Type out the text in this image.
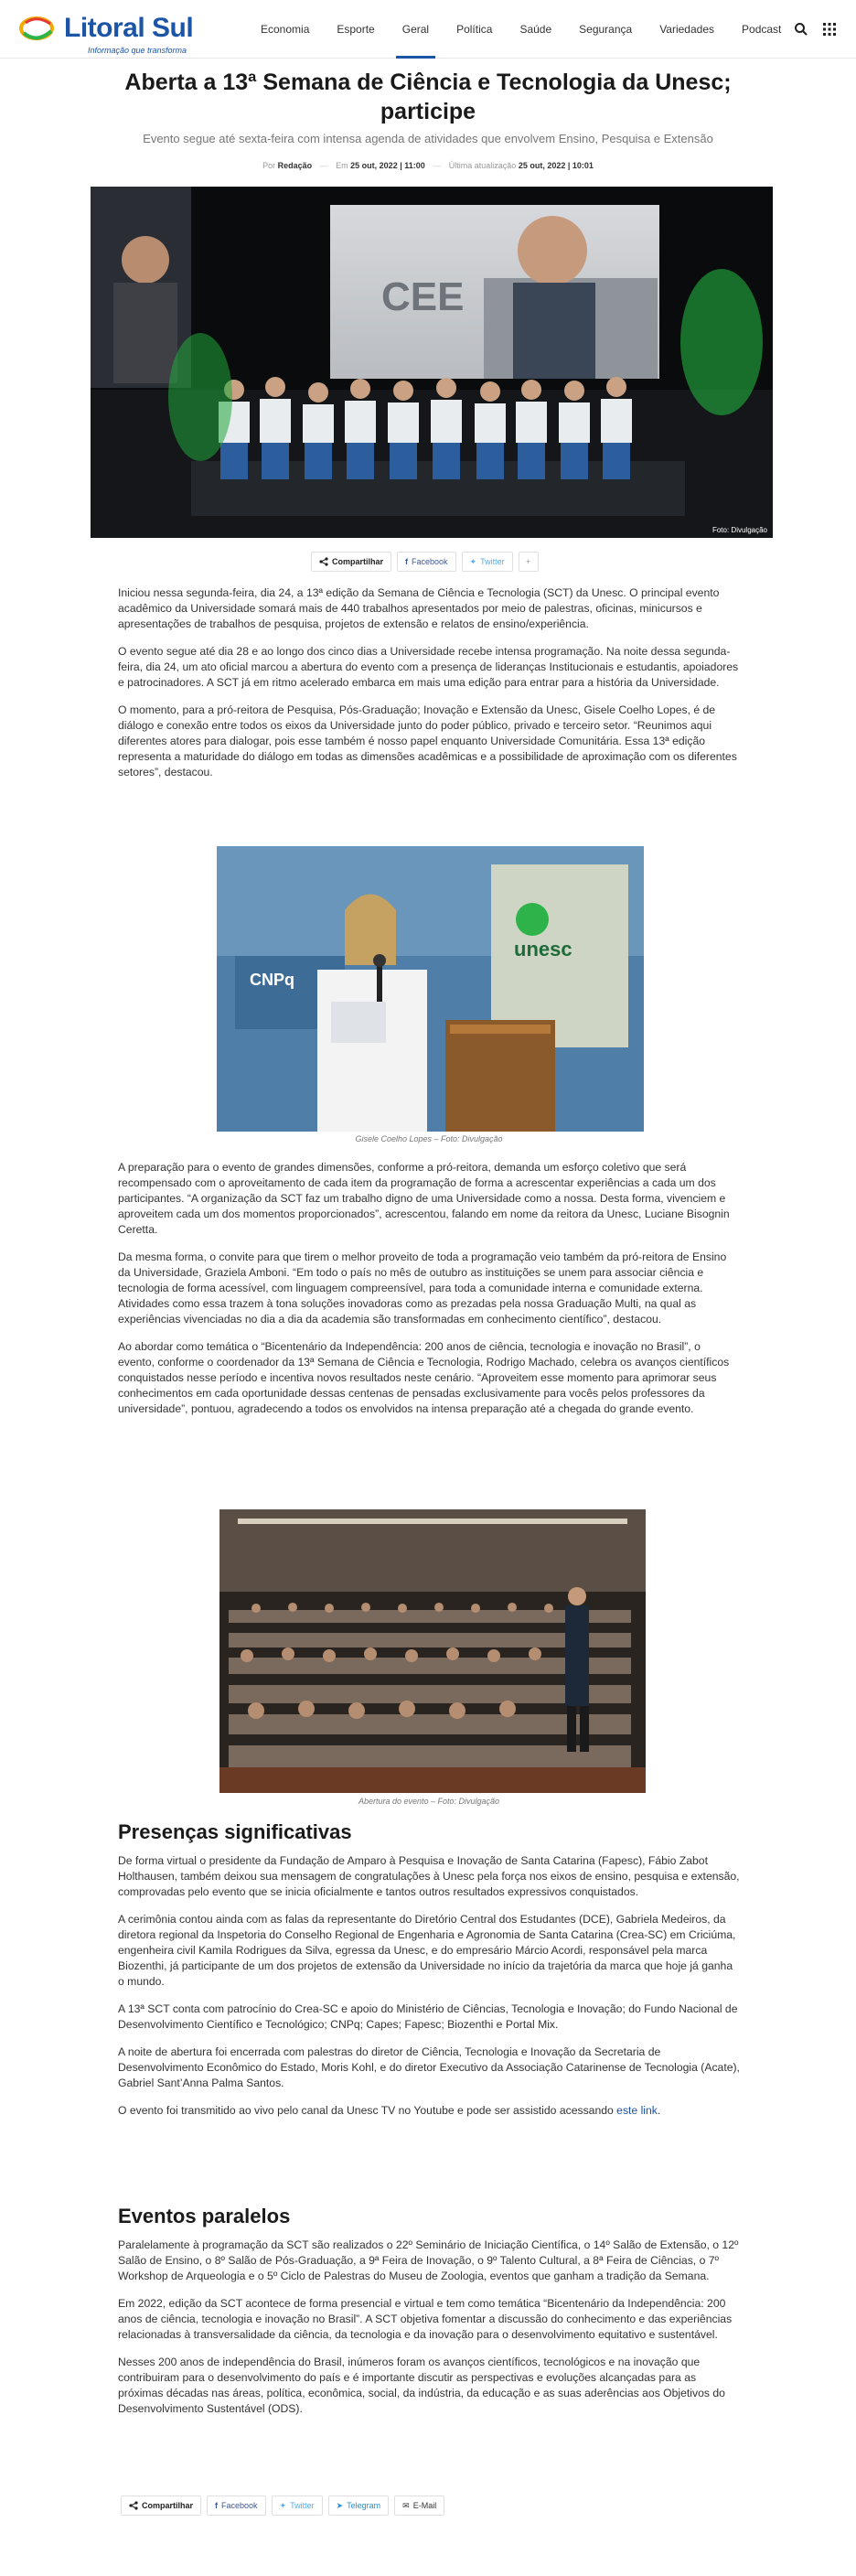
Litoral Sul
Informação que transforma
Economia	Esporte	Geral	Política	Saúde	Segurança	Variedades	Podcast
Aberta a 13ª Semana de Ciência e Tecnologia da Unesc; participe

Evento segue até sexta-feira com intensa agenda de atividades que envolvem Ensino, Pesquisa e Extensão

Por Redação — Em 25 out, 2022 | 11:00 — Última atualização 25 out, 2022 | 10:01
CEE
Foto: Divulgação
Compartilhar	f Facebook	✦ Twitter	+

Iniciou nessa segunda-feira, dia 24, a 13ª edição da Semana de Ciência e Tecnologia (SCT) da Unesc. O principal evento acadêmico da Universidade somará mais de 440 trabalhos apresentados por meio de palestras, oficinas, minicursos e apresentações de trabalhos de pesquisa, projetos de extensão e relatos de ensino/experiência.

O evento segue até dia 28 e ao longo dos cinco dias a Universidade recebe intensa programação. Na noite dessa segunda-feira, dia 24, um ato oficial marcou a abertura do evento com a presença de lideranças Institucionais e estudantis, apoiadores e patrocinadores. A SCT já em ritmo acelerado embarca em mais uma edição para entrar para a história da Universidade.

O momento, para a pró-reitora de Pesquisa, Pós-Graduação; Inovação e Extensão da Unesc, Gisele Coelho Lopes, é de diálogo e conexão entre todos os eixos da Universidade junto do poder público, privado e terceiro setor. “Reunimos aqui diferentes atores para dialogar, pois esse também é nosso papel enquanto Universidade Comunitária. Essa 13ª edição representa a maturidade do diálogo em todas as dimensões acadêmicas e a possibilidade de aproximação com os diferentes setores”, destacou.

CNPq
unesc
Gisele Coelho Lopes – Foto: Divulgação

A preparação para o evento de grandes dimensões, conforme a pró-reitora, demanda um esforço coletivo que será recompensado com o aproveitamento de cada item da programação de forma a acrescentar experiências a cada um dos participantes. “A organização da SCT faz um trabalho digno de uma Universidade como a nossa. Desta forma, vivenciem e aproveitem cada um dos momentos proporcionados”, acrescentou, falando em nome da reitora da Unesc, Luciane Bisognin Ceretta.

Da mesma forma, o convite para que tirem o melhor proveito de toda a programação veio também da pró-reitora de Ensino da Universidade, Graziela Amboni. “Em todo o país no mês de outubro as instituições se unem para associar ciência e tecnologia de forma acessível, com linguagem compreensível, para toda a comunidade interna e comunidade externa. Atividades como essa trazem à tona soluções inovadoras como as prezadas pela nossa Graduação Multi, na qual as experiências vivenciadas no dia a dia da academia são transformadas em conhecimento científico”, destacou.

Ao abordar como temática o “Bicentenário da Independência: 200 anos de ciência, tecnologia e inovação no Brasil”, o evento, conforme o coordenador da 13ª Semana de Ciência e Tecnologia, Rodrigo Machado, celebra os avanços científicos conquistados nesse período e incentiva novos resultados neste cenário. “Aproveitem esse momento para aprimorar seus conhecimentos em cada oportunidade dessas centenas de pensadas exclusivamente para vocês pelos professores da universidade”, pontuou, agradecendo a todos os envolvidos na intensa preparação até a chegada do grande evento.

Abertura do evento – Foto: Divulgação
Presenças significativas

De forma virtual o presidente da Fundação de Amparo à Pesquisa e Inovação de Santa Catarina (Fapesc), Fábio Zabot Holthausen, também deixou sua mensagem de congratulações à Unesc pela força nos eixos de ensino, pesquisa e extensão, comprovadas pelo evento que se inicia oficialmente e tantos outros resultados expressivos conquistados.

A cerimônia contou ainda com as falas da representante do Diretório Central dos Estudantes (DCE), Gabriela Medeiros, da diretora regional da Inspetoria do Conselho Regional de Engenharia e Agronomia de Santa Catarina (Crea-SC) em Criciúma, engenheira civil Kamila Rodrigues da Silva, egressa da Unesc, e do empresário Márcio Acordi, responsável pela marca Biozenthi, já participante de um dos projetos de extensão da Universidade no início da trajetória da marca que hoje já ganha o mundo.

A 13ª SCT conta com patrocínio do Crea-SC e apoio do Ministério de Ciências, Tecnologia e Inovação; do Fundo Nacional de Desenvolvimento Científico e Tecnológico; CNPq; Capes; Fapesc; Biozenthi e Portal Mix.

A noite de abertura foi encerrada com palestras do diretor de Ciência, Tecnologia e Inovação da Secretaria de Desenvolvimento Econômico do Estado, Moris Kohl, e do diretor Executivo da Associação Catarinense de Tecnologia (Acate), Gabriel Sant’Anna Palma Santos.

O evento foi transmitido ao vivo pelo canal da Unesc TV no Youtube e pode ser assistido acessando este link.

Eventos paralelos

Paralelamente à programação da SCT são realizados o 22º Seminário de Iniciação Científica, o 14º Salão de Extensão, o 12º Salão de Ensino, o 8º Salão de Pós-Graduação, a 9ª Feira de Inovação, o 9º Talento Cultural, a 8ª Feira de Ciências, o 7º Workshop de Arqueologia e o 5º Ciclo de Palestras do Museu de Zoologia, eventos que ganham a tradição da Semana.

Em 2022, edição da SCT acontece de forma presencial e virtual e tem como temática “Bicentenário da Independência: 200 anos de ciência, tecnologia e inovação no Brasil”. A SCT objetiva fomentar a discussão do conhecimento e das experiências relacionadas à transversalidade da ciência, da tecnologia e da inovação para o desenvolvimento equitativo e sustentável.

Nesses 200 anos de independência do Brasil, inúmeros foram os avanços científicos, tecnológicos e na inovação que contribuiram para o desenvolvimento do país e é importante discutir as perspectivas e evoluções alcançadas para as próximas décadas nas áreas, política, econômica, social, da indústria, da educação e as suas aderências aos Objetivos do Desenvolvimento Sustentável (ODS).

Compartilhar	f Facebook	✦ Twitter	➤ Telegram	✉ E-Mail
